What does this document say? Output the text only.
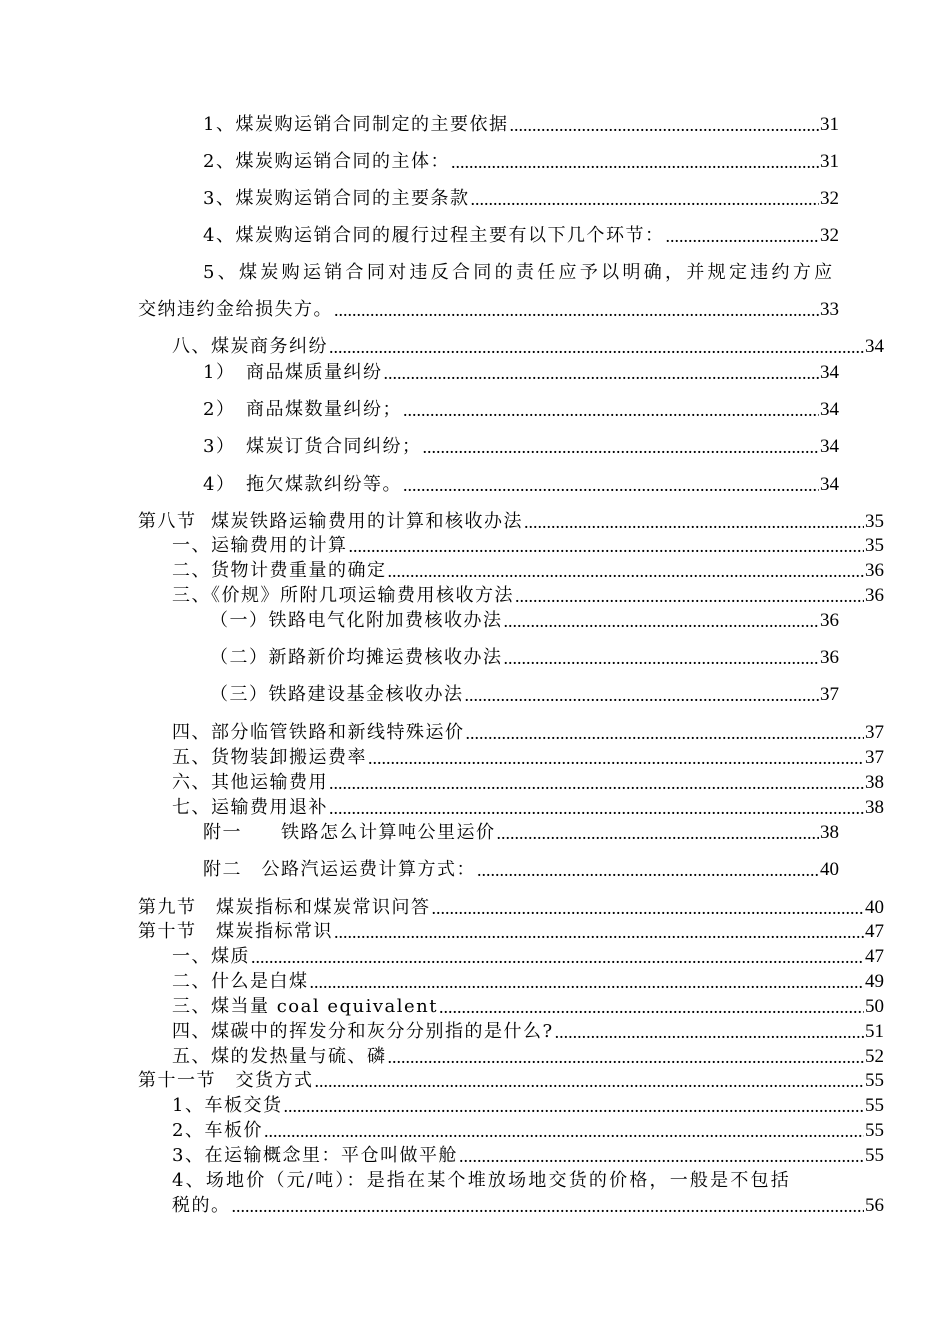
1、煤炭购运销合同制定的主要依据 .....	31
2、煤炭购运销合同的主体： .....	31
3、煤炭购运销合同的主要条款 .....	32
4、煤炭购运销合同的履行过程主要有以下几个环节： .....	32
5、煤炭购运销合同对违反合同的责任应予以明确，并规定违约方应
交纳违约金给损失方。 .....	33
八、煤炭商务纠纷 .....	34
1）　商品煤质量纠纷 .....	34
2）　商品煤数量纠纷； .....	34
3）　煤炭订货合同纠纷； .....	34
4）　拖欠煤款纠纷等。 .....	34
第八节  煤炭铁路运输费用的计算和核收办法 .....	35
一、运输费用的计算 .....	35
二、货物计费重量的确定 .....	36
三、《价规》所附几项运输费用核收方法 .....	36
（一）铁路电气化附加费核收办法 .....	36
（二）新路新价均摊运费核收办法 .....	36
（三）铁路建设基金核收办法 .....	37
四、部分临管铁路和新线特殊运价 .....	37
五、货物装卸搬运费率 .....	37
六、其他运输费用 .....	38
七、运输费用退补 .....	38
附一　　铁路怎么计算吨公里运价 .....	38
附二　公路汽运运费计算方式： .....	40
第九节　煤炭指标和煤炭常识问答 .....	40
第十节　煤炭指标常识 .....	47
一、煤质 .....	47
二、什么是白煤 .....	49
三、煤当量 coal equivalent .....	50
四、煤碳中的挥发分和灰分分别指的是什么? .....	51
五、煤的发热量与硫、磷 .....	52
第十一节　交货方式 .....	55
1、车板交货 .....	55
2、车板价 .....	55
3、在运输概念里：平仓叫做平舱 .....	55
4、场地价（元/吨）：是指在某个堆放场地交货的价格，一般是不包括
税的。 .....	56
